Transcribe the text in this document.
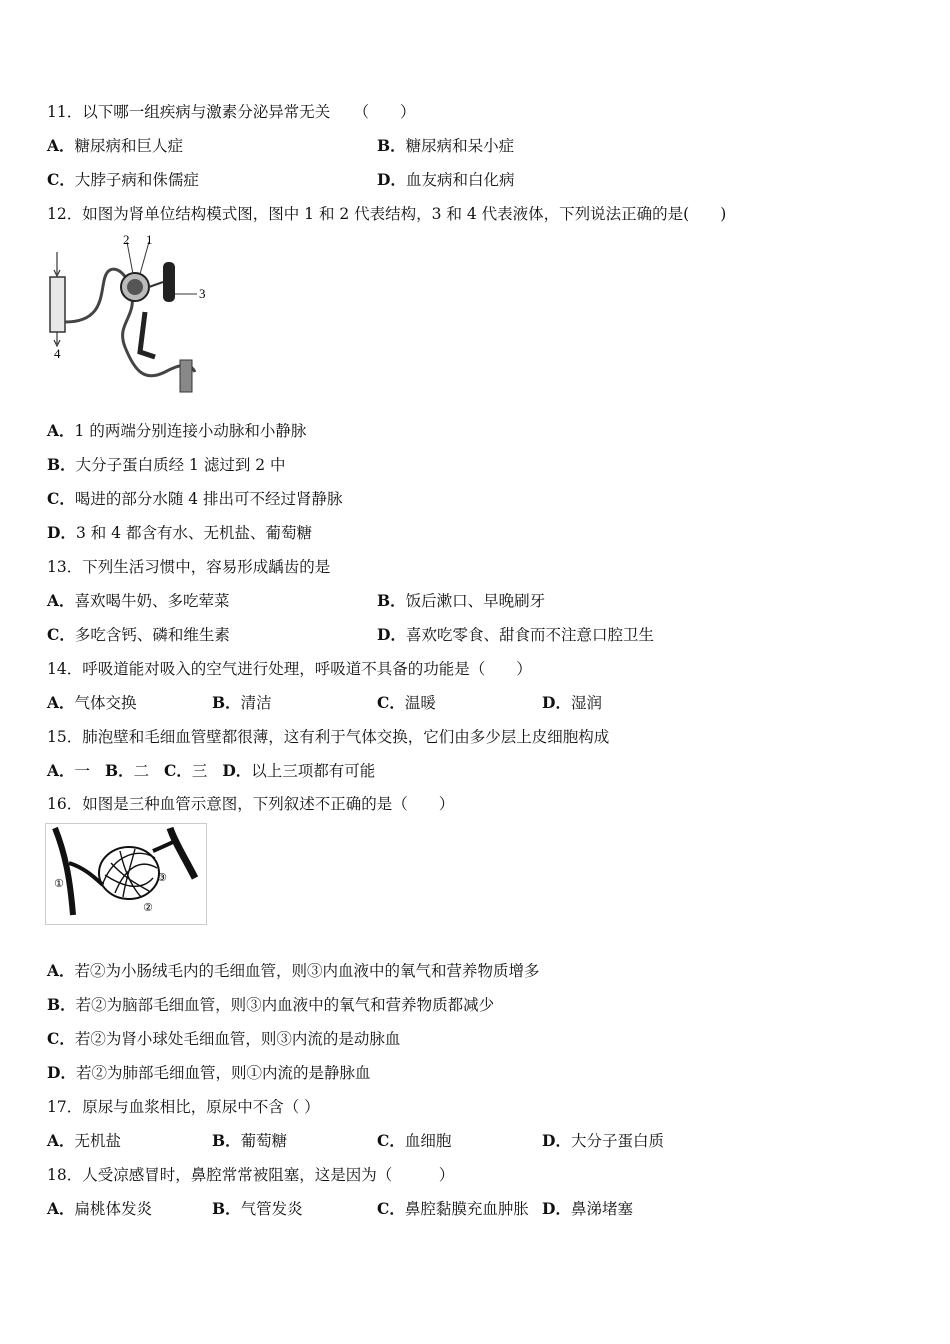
11．以下哪一组疾病与激素分泌异常无关　　（　　）
A．糖尿病和巨人症	B．糖尿病和呆小症
C．大脖子病和侏儒症	D．血友病和白化病
12．如图为肾单位结构模式图，图中 1 和 2 代表结构，3 和 4 代表液体，下列说法正确的是(　　)
2 1
3
4
A．1 的两端分别连接小动脉和小静脉
B．大分子蛋白质经 1 滤过到 2 中
C．喝进的部分水随 4 排出可不经过肾静脉
D．3 和 4 都含有水、无机盐、葡萄糖
13．下列生活习惯中，容易形成龋齿的是
A．喜欢喝牛奶、多吃荤菜	B．饭后漱口、早晚刷牙
C．多吃含钙、磷和维生素	D．喜欢吃零食、甜食而不注意口腔卫生
14．呼吸道能对吸入的空气进行处理，呼吸道不具备的功能是（　　）
A．气体交换	B．清洁	C．温暖	D．湿润
15．肺泡壁和毛细血管壁都很薄，这有利于气体交换，它们由多少层上皮细胞构成
A．一 B．二 C．三 D．以上三项都有可能
16．如图是三种血管示意图，下列叙述不正确的是（　　）
①
②
③
A．若②为小肠绒毛内的毛细血管，则③内血液中的氧气和营养物质增多
B．若②为脑部毛细血管，则③内血液中的氧气和营养物质都减少
C．若②为肾小球处毛细血管，则③内流的是动脉血
D．若②为肺部毛细血管，则①内流的是静脉血
17．原尿与血浆相比，原尿中不含（ ）
A．无机盐	B．葡萄糖	C．血细胞	D．大分子蛋白质
18．人受凉感冒时，鼻腔常常被阻塞，这是因为（　　　）
A．扁桃体发炎	B．气管发炎	C．鼻腔黏膜充血肿胀 D．鼻涕堵塞
